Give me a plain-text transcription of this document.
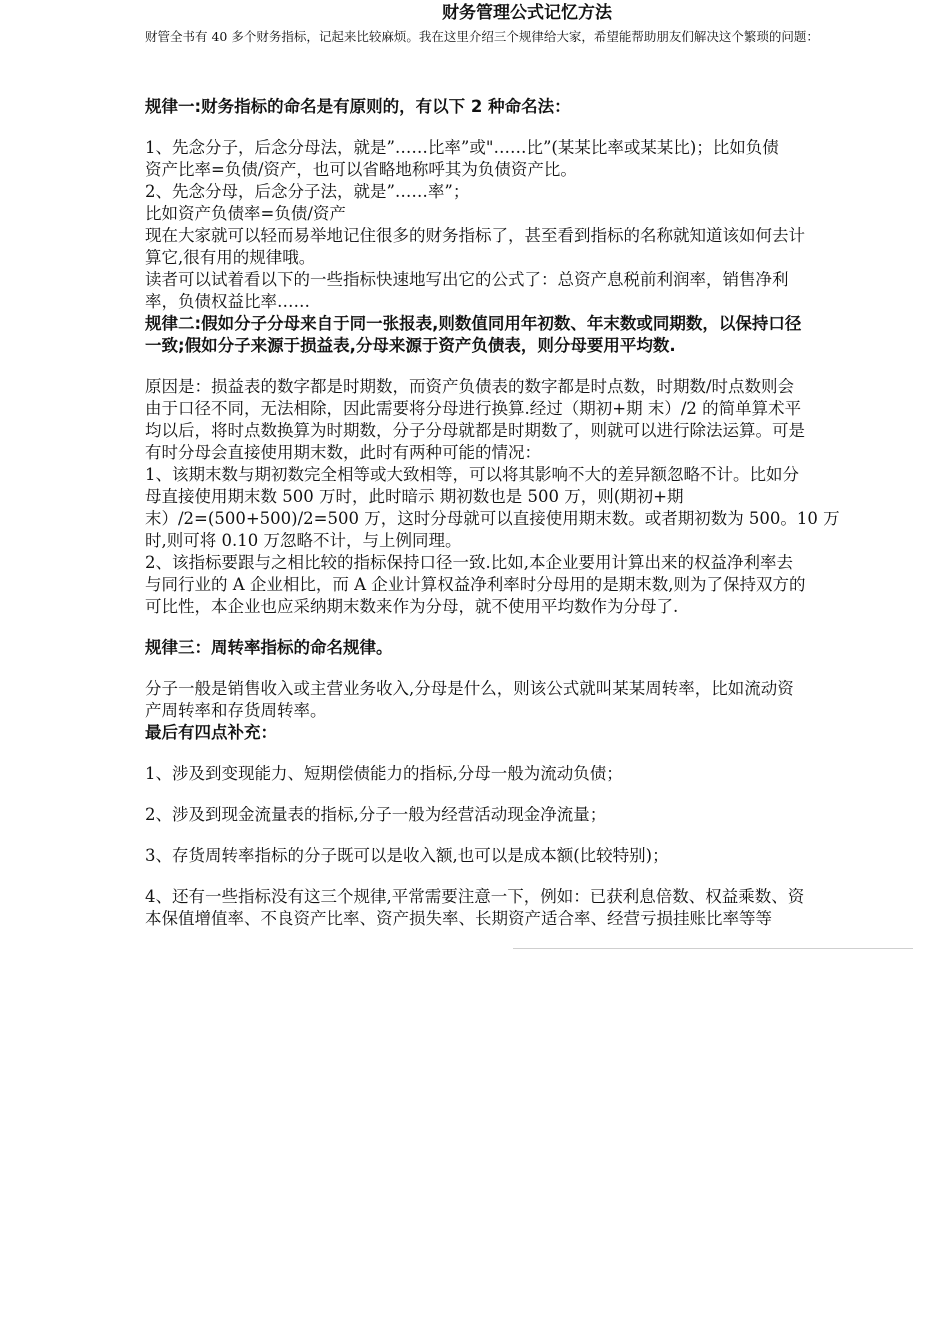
财务管理公式记忆方法

财管全书有 40 多个财务指标，记起来比较麻烦。我在这里介绍三个规律给大家，希望能帮助朋友们解决这个繁琐的问题：

规律一:财务指标的命名是有原则的，有以下 2 种命名法：

1、先念分子，后念分母法，就是”……比率”或"……比”(某某比率或某某比)；比如负债

资产比率=负债/资产，也可以省略地称呼其为负债资产比。

2、先念分母，后念分子法，就是”……率”；

比如资产负债率=负债/资产

现在大家就可以轻而易举地记住很多的财务指标了，甚至看到指标的名称就知道该如何去计

算它,很有用的规律哦。

读者可以试着看以下的一些指标快速地写出它的公式了：总资产息税前利润率，销售净利

率，负债权益比率……

规律二:假如分子分母来自于同一张报表,则数值同用年初数、年末数或同期数，以保持口径

一致;假如分子来源于损益表,分母来源于资产负债表，则分母要用平均数.

原因是：损益表的数字都是时期数，而资产负债表的数字都是时点数，时期数/时点数则会

由于口径不同，无法相除，因此需要将分母进行换算.经过（期初+期 末）/2 的简单算术平

均以后，将时点数换算为时期数，分子分母就都是时期数了，则就可以进行除法运算。可是

有时分母会直接使用期末数，此时有两种可能的情况：

1、该期末数与期初数完全相等或大致相等，可以将其影响不大的差异额忽略不计。比如分

母直接使用期末数 500 万时，此时暗示 期初数也是 500 万，则(期初+期

末）/2=(500+500)/2=500 万，这时分母就可以直接使用期末数。或者期初数为 500。10 万

时,则可将 0.10 万忽略不计，与上例同理。

2、该指标要跟与之相比较的指标保持口径一致.比如,本企业要用计算出来的权益净利率去

与同行业的 A 企业相比，而 A 企业计算权益净利率时分母用的是期末数,则为了保持双方的

可比性，本企业也应采纳期末数来作为分母，就不使用平均数作为分母了.

规律三：周转率指标的命名规律。

分子一般是销售收入或主营业务收入,分母是什么，则该公式就叫某某周转率，比如流动资

产周转率和存货周转率。

最后有四点补充：

1、涉及到变现能力、短期偿债能力的指标,分母一般为流动负债；

2、涉及到现金流量表的指标,分子一般为经营活动现金净流量；

3、存货周转率指标的分子既可以是收入额,也可以是成本额(比较特别)；

4、还有一些指标没有这三个规律,平常需要注意一下，例如：已获利息倍数、权益乘数、资

本保值增值率、不良资产比率、资产损失率、长期资产适合率、经营亏损挂账比率等等
